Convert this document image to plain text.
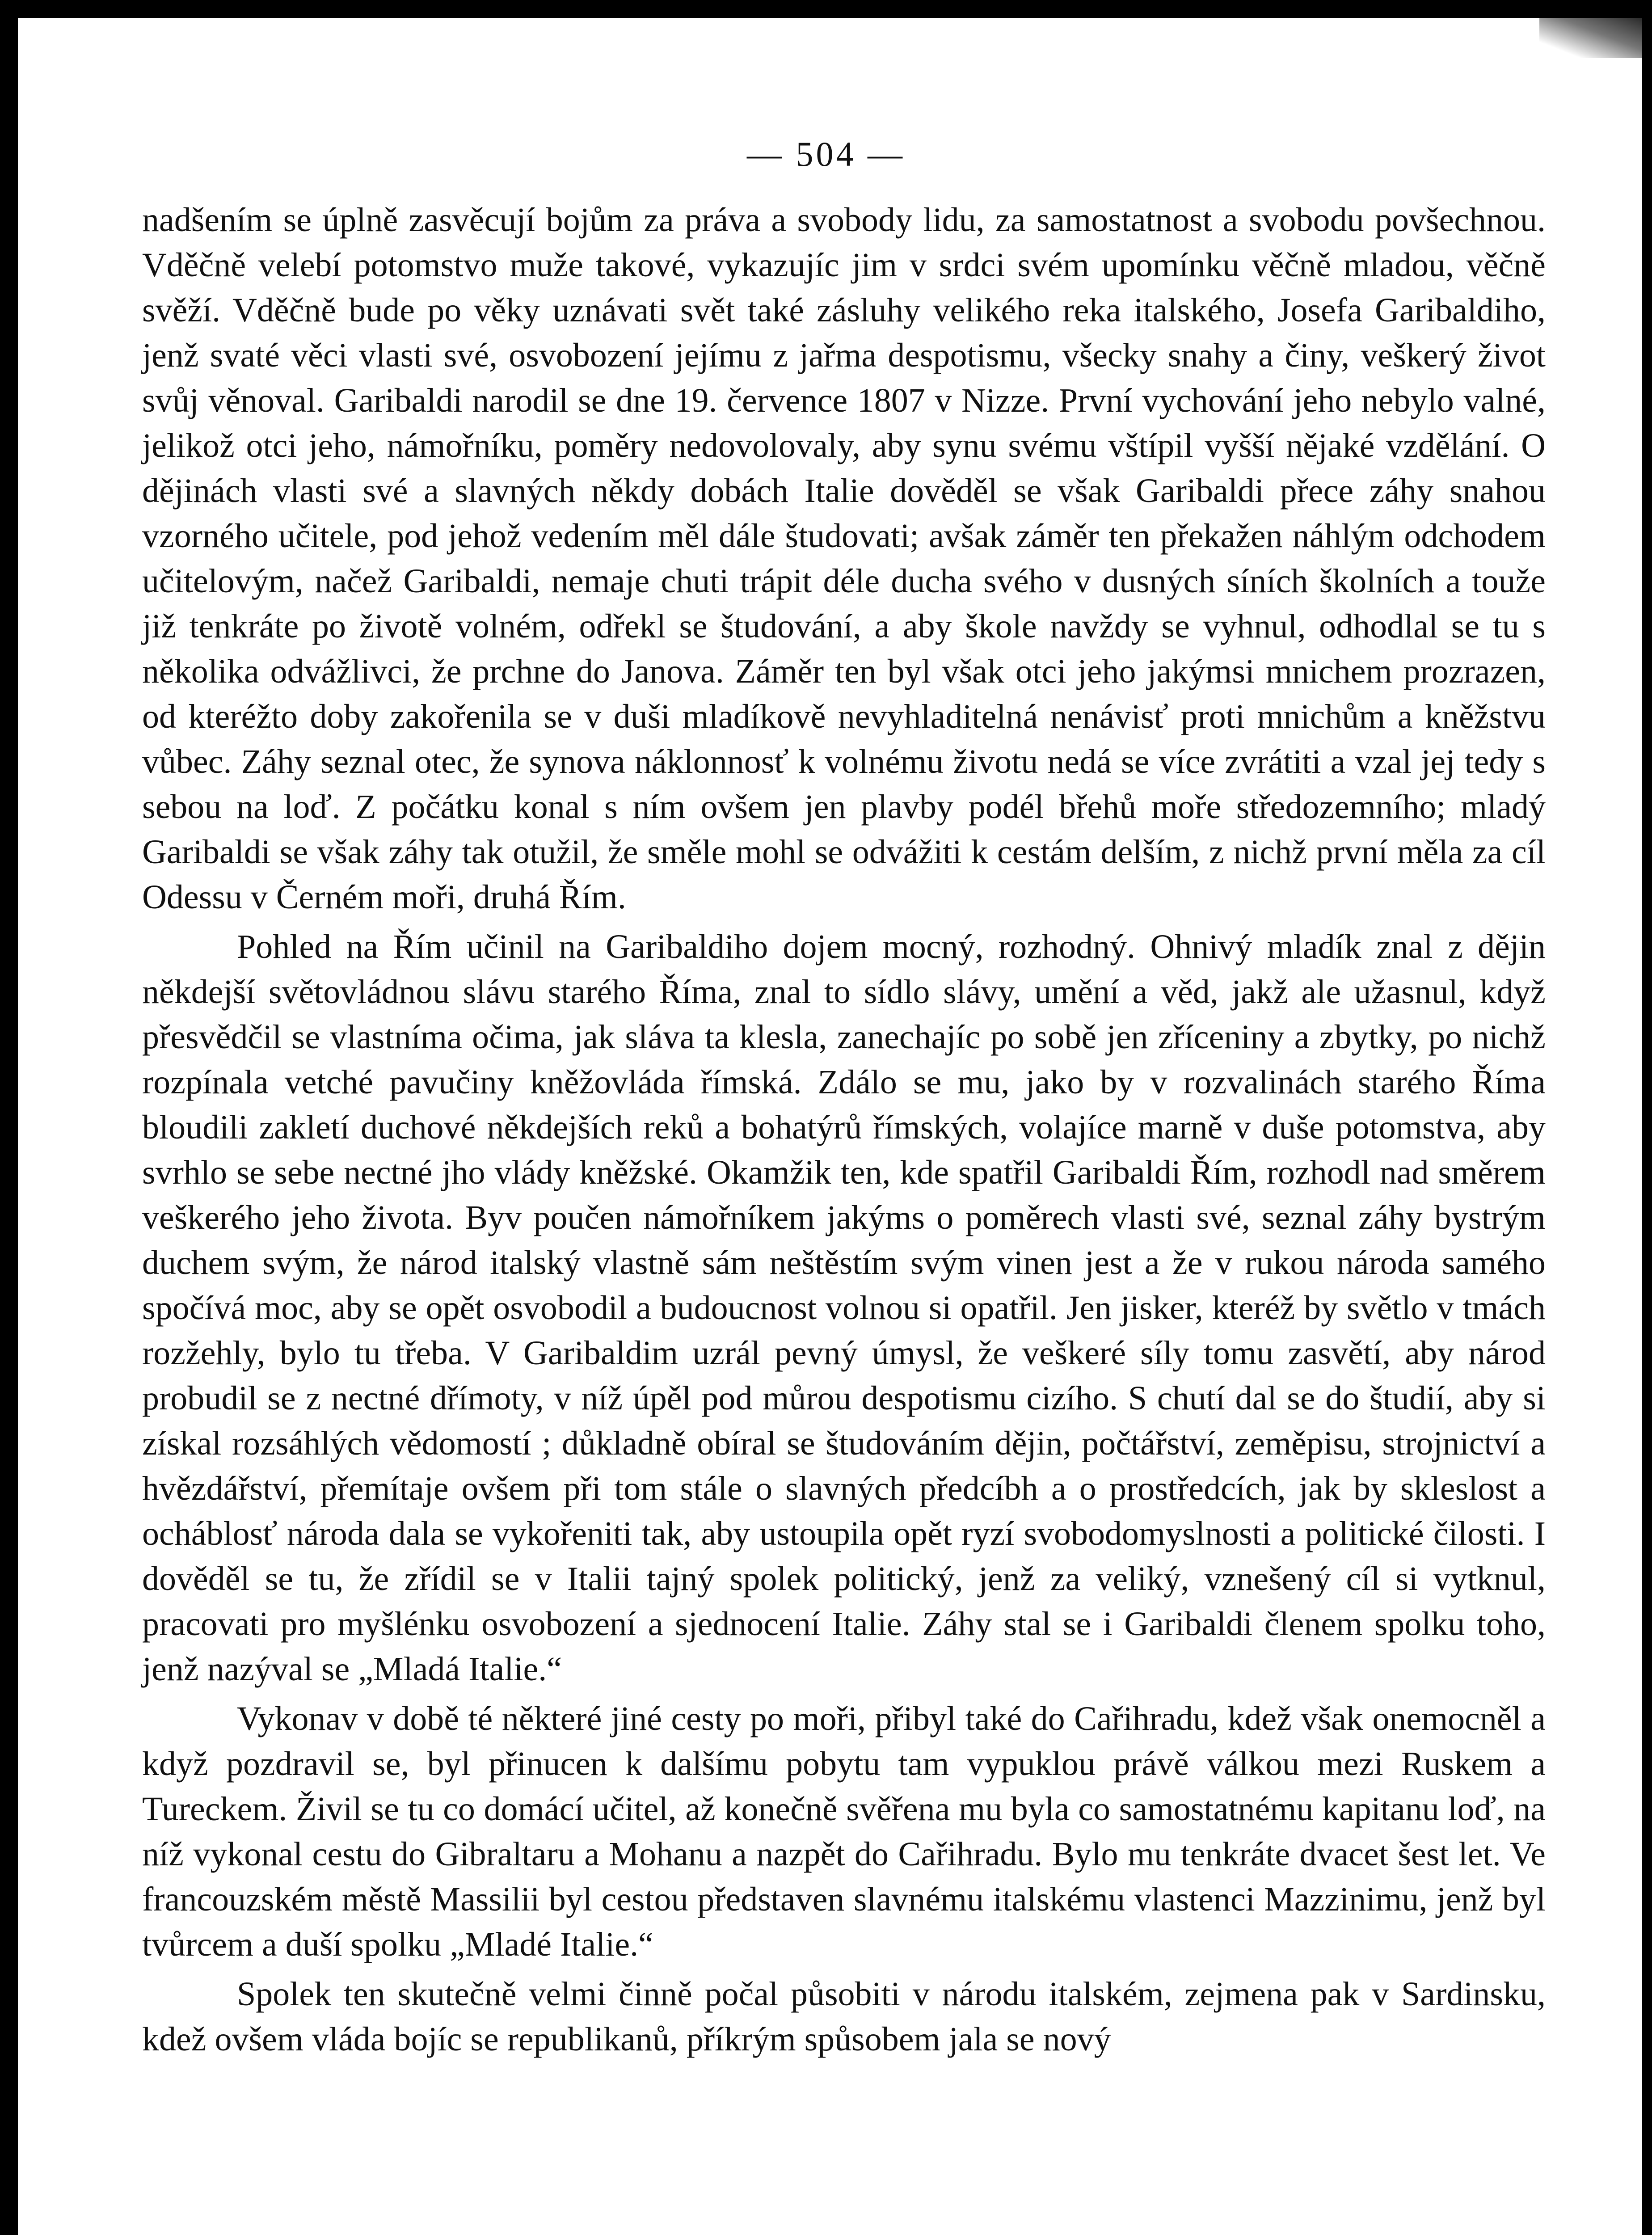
— 504 —

nadšením se úplně zasvěcují bojům za práva a svobody lidu, za samostatnost a svobodu povšechnou. Vděčně velebí potomstvo muže takové, vykazujíc jim v srdci svém upomínku věčně mladou, věčně svěží. Vděčně bude po věky uznávati svět také zásluhy velikého reka italského, Josefa Garibaldiho, jenž svaté věci vlasti své, osvobození jejímu z jařma despotismu, všecky snahy a činy, veškerý život svůj věnoval. Garibaldi narodil se dne 19. července 1807 v Nizze. První vychování jeho nebylo valné, jelikož otci jeho, námořníku, poměry nedovolovaly, aby synu svému vštípil vyšší nějaké vzdělání. O dějinách vlasti své a slavných někdy dobách Italie dověděl se však Garibaldi přece záhy snahou vzorného učitele, pod jehož vedením měl dále študovati; avšak záměr ten překažen náhlým odchodem učitelovým, načež Garibaldi, nemaje chuti trápit déle ducha svého v dusných síních školních a touže již tenkráte po životě volném, odřekl se študování, a aby škole navždy se vyhnul, odhodlal se tu s několika odvážlivci, že prchne do Janova. Záměr ten byl však otci jeho jakýmsi mnichem prozrazen, od kteréžto doby zakořenila se v duši mladíkově nevyhladitelná nenávisť proti mnichům a kněžstvu vůbec. Záhy seznal otec, že synova náklonnosť k volnému životu nedá se více zvrátiti a vzal jej tedy s sebou na loď. Z počátku konal s ním ovšem jen plavby podél břehů moře středozemního; mladý Garibaldi se však záhy tak otužil, že směle mohl se odvážiti k cestám delším, z nichž první měla za cíl Odessu v Černém moři, druhá Řím.

Pohled na Řím učinil na Garibaldiho dojem mocný, rozhodný. Ohnivý mladík znal z dějin někdejší světovládnou slávu starého Říma, znal to sídlo slávy, umění a věd, jakž ale užasnul, když přesvědčil se vlastníma očima, jak sláva ta klesla, zanechajíc po sobě jen zříceniny a zbytky, po nichž rozpínala vetché pavučiny kněžovláda římská. Zdálo se mu, jako by v rozvalinách starého Říma bloudili zakletí duchové někdejších reků a bohatýrů římských, volajíce marně v duše potomstva, aby svrhlo se sebe nectné jho vlády kněžské. Okamžik ten, kde spatřil Garibaldi Řím, rozhodl nad směrem veškerého jeho života. Byv poučen námořníkem jakýms o poměrech vlasti své, seznal záhy bystrým duchem svým, že národ italský vlastně sám neštěstím svým vinen jest a že v rukou národa samého spočívá moc, aby se opět osvobodil a budoucnost volnou si opatřil. Jen jisker, kteréž by světlo v tmách rozžehly, bylo tu třeba. V Garibaldim uzrál pevný úmysl, že veškeré síly tomu zasvětí, aby národ probudil se z nectné dřímoty, v níž úpěl pod můrou despotismu cizího. S chutí dal se do študií, aby si získal rozsáhlých vědomostí ; důkladně obíral se študováním dějin, počtářství, zeměpisu, strojnictví a hvězdářství, přemítaje ovšem při tom stále o slavných předcíbh a o prostředcích, jak by skleslost a ocháblosť národa dala se vykořeniti tak, aby ustoupila opět ryzí svobodomyslnosti a politické čilosti. I dověděl se tu, že zřídil se v Italii tajný spolek politický, jenž za veliký, vznešený cíl si vytknul, pracovati pro myšlénku osvobození a sjednocení Italie. Záhy stal se i Garibaldi členem spolku toho, jenž nazýval se „Mladá Italie.“

Vykonav v době té některé jiné cesty po moři, přibyl také do Cařihradu, kdež však onemocněl a když pozdravil se, byl přinucen k dalšímu pobytu tam vypuklou právě válkou mezi Ruskem a Tureckem. Živil se tu co domácí učitel, až konečně svěřena mu byla co samostatnému kapitanu loď, na níž vykonal cestu do Gibraltaru a Mohanu a nazpět do Cařihradu. Bylo mu tenkráte dvacet šest let. Ve francouzském městě Massilii byl cestou představen slavnému italskému vlastenci Mazzinimu, jenž byl tvůrcem a duší spolku „Mladé Italie.“

Spolek ten skutečně velmi činně počal působiti v národu italském, zejmena pak v Sardinsku, kdež ovšem vláda bojíc se republikanů, příkrým spůsobem jala se nový
